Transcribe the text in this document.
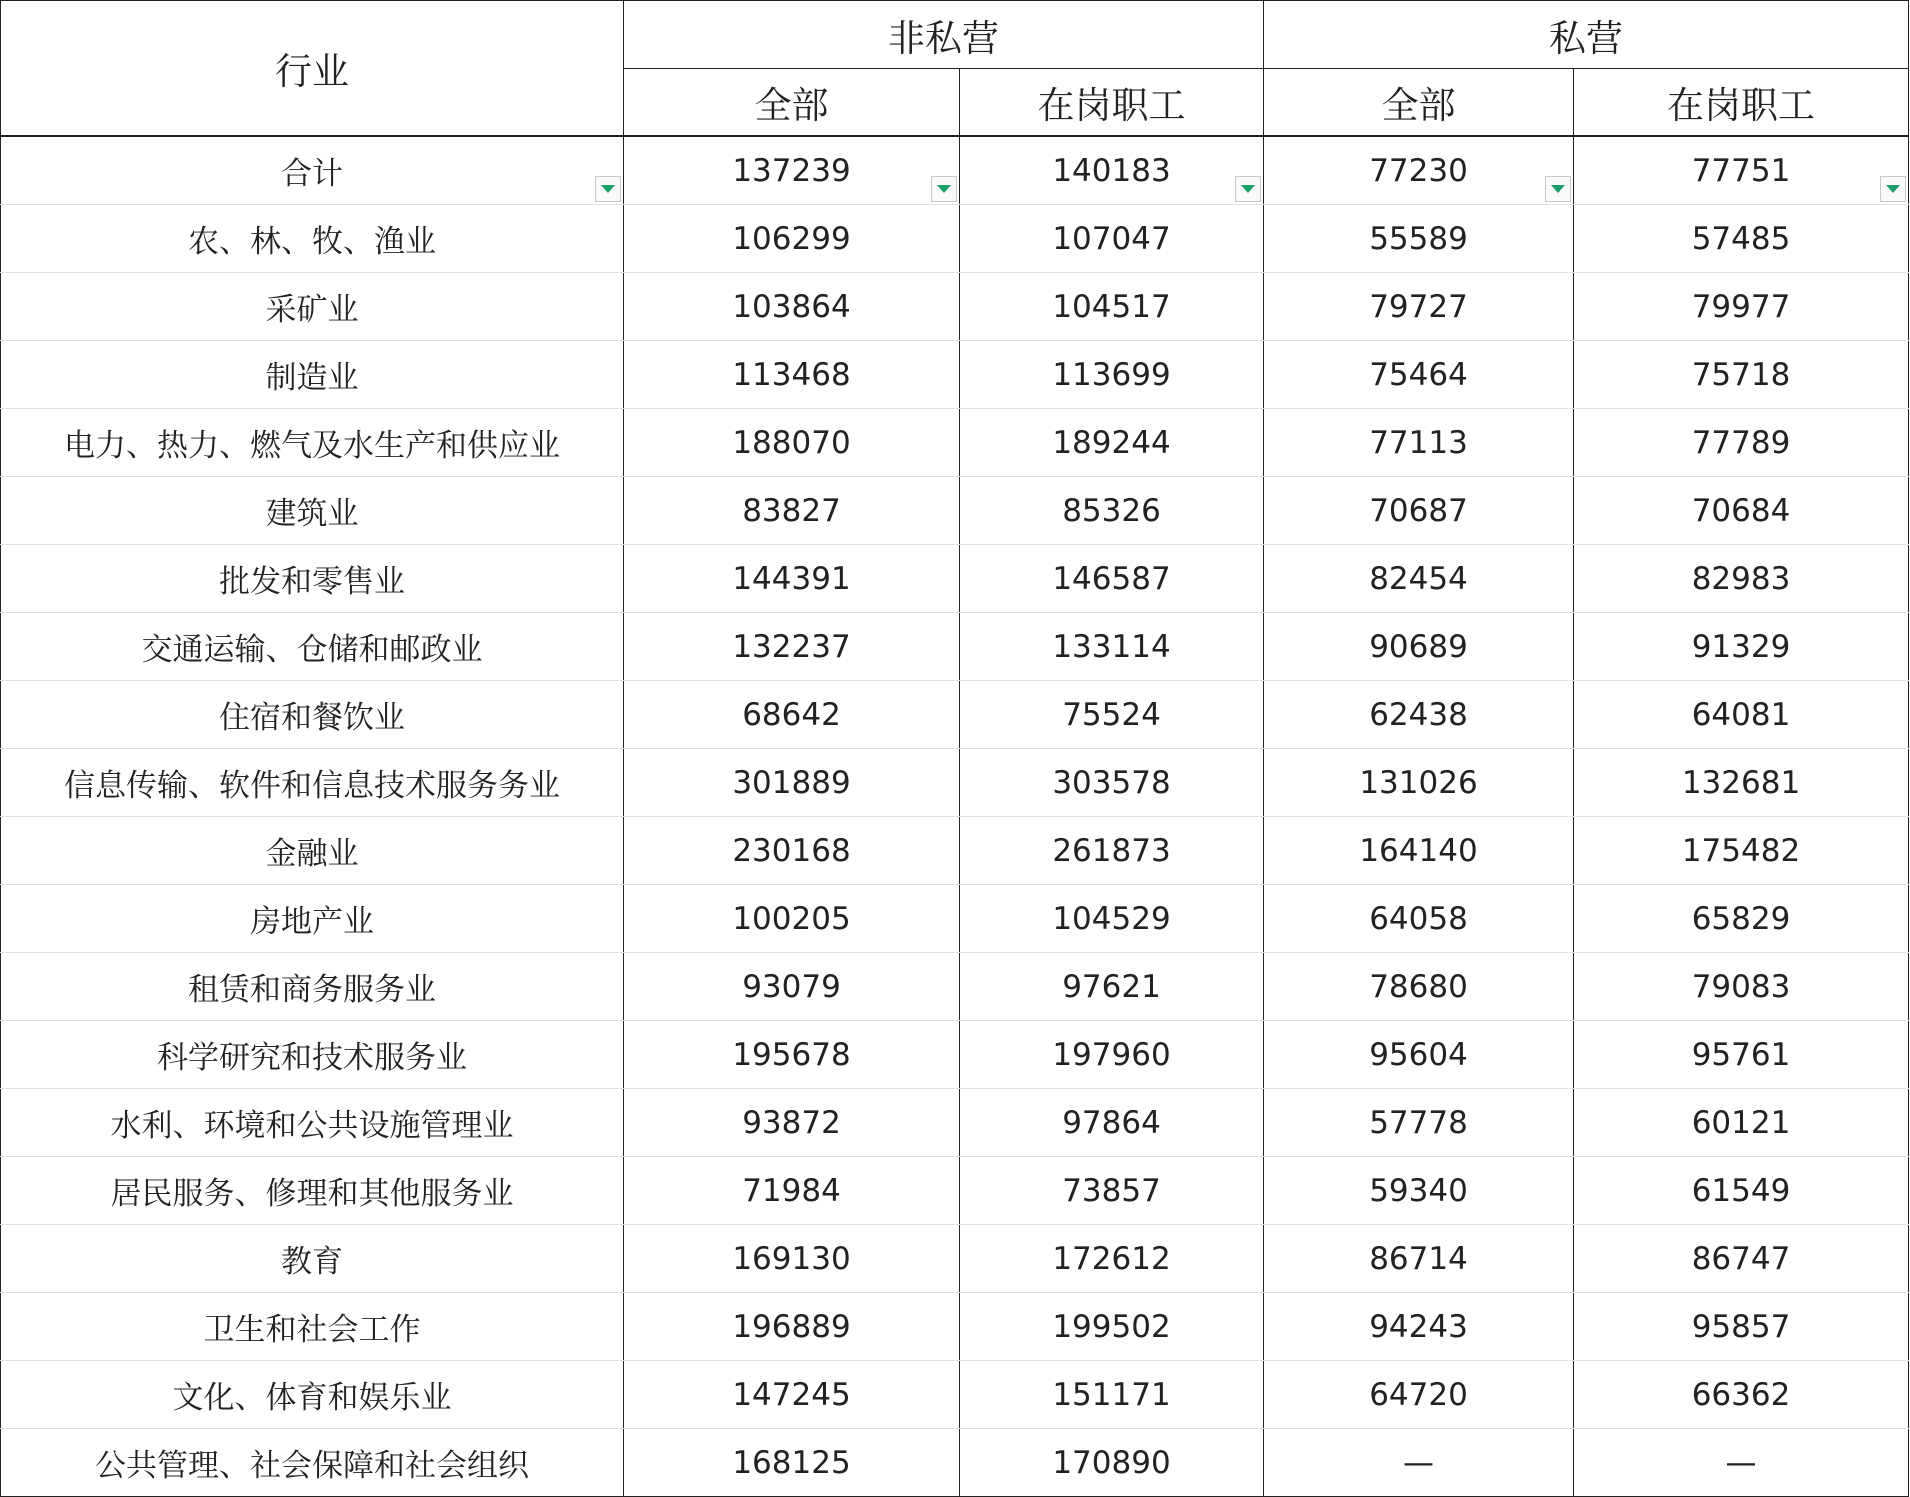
行业	非私营		私营	
	全部	在岗职工	全部	在岗职工
合计	137239	140183	77230	77751

农、林、牧、渔业	106299	107047	55589	57485
采矿业	103864	104517	79727	79977
制造业	113468	113699	75464	75718
电力、热力、燃气及水生产和供应业	188070	189244	77113	77789
建筑业	83827	85326	70687	70684
批发和零售业	144391	146587	82454	82983
交通运输、仓储和邮政业	132237	133114	90689	91329
住宿和餐饮业	68642	75524	62438	64081
信息传输、软件和信息技术服务务业	301889	303578	131026	132681
金融业	230168	261873	164140	175482
房地产业	100205	104529	64058	65829
租赁和商务服务业	93079	97621	78680	79083
科学研究和技术服务业	195678	197960	95604	95761
水利、环境和公共设施管理业	93872	97864	57778	60121
居民服务、修理和其他服务业	71984	73857	59340	61549
教育	169130	172612	86714	86747
卫生和社会工作	196889	199502	94243	95857
文化、体育和娱乐业	147245	151171	64720	66362
公共管理、社会保障和社会组织	168125	170890	—	—
